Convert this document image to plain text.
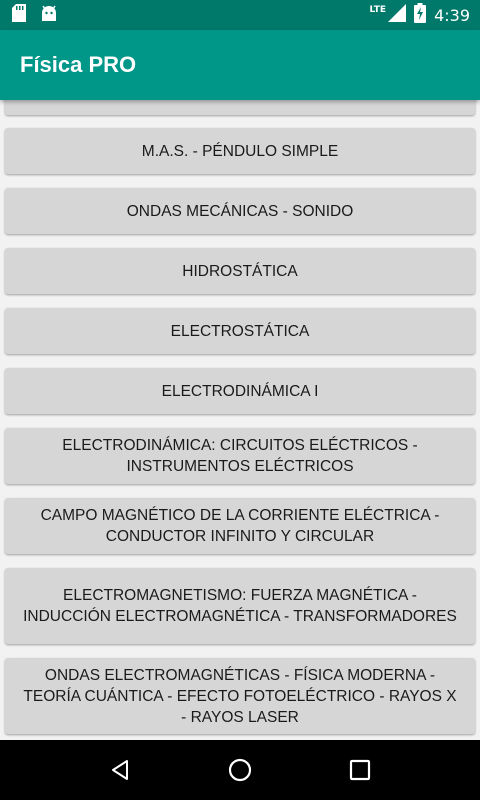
LTE	4:39
Física PRO
M.A.S. - PÉNDULO SIMPLE
ONDAS MECÁNICAS - SONIDO
HIDROSTÁTICA
ELECTROSTÁTICA
ELECTRODINÁMICA I
ELECTRODINÁMICA: CIRCUITOS ELÉCTRICOS - INSTRUMENTOS ELÉCTRICOS
CAMPO MAGNÉTICO DE LA CORRIENTE ELÉCTRICA - CONDUCTOR INFINITO Y CIRCULAR
ELECTROMAGNETISMO: FUERZA MAGNÉTICA - INDUCCIÓN ELECTROMAGNÉTICA - TRANSFORMADORES
ONDAS ELECTROMAGNÉTICAS - FÍSICA MODERNA - TEORÍA CUÁNTICA - EFECTO FOTOELÉCTRICO - RAYOS X - RAYOS LASER
